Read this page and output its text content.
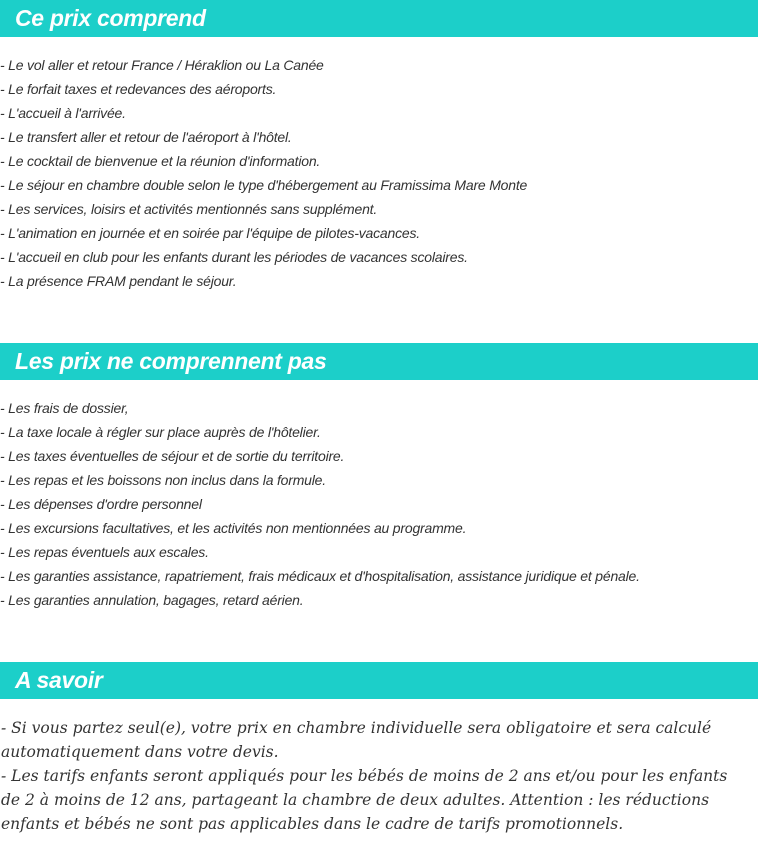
Ce prix comprend
- Le vol aller et retour France / Héraklion ou La Canée
- Le forfait taxes et redevances des aéroports.
- L'accueil à l'arrivée.
- Le transfert aller et retour de l'aéroport à l'hôtel.
- Le cocktail de bienvenue et la réunion d'information.
- Le séjour en chambre double selon le type d'hébergement au Framissima Mare Monte
- Les services, loisirs et activités mentionnés sans supplément.
- L'animation en journée et en soirée par l'équipe de pilotes-vacances.
- L'accueil en club pour les enfants durant les périodes de vacances scolaires.
- La présence FRAM pendant le séjour.
Les prix ne comprennent pas
- Les frais de dossier,
- La taxe locale à régler sur place auprès de l'hôtelier.
- Les taxes éventuelles de séjour et de sortie du territoire.
- Les repas et les boissons non inclus dans la formule.
- Les dépenses d'ordre personnel
- Les excursions facultatives, et les activités non mentionnées au programme.
- Les repas éventuels aux escales.
- Les garanties assistance, rapatriement, frais médicaux et d'hospitalisation, assistance juridique et pénale.
- Les garanties annulation, bagages, retard aérien.
A savoir

- Si vous partez seul(e), votre prix en chambre individuelle sera obligatoire et sera calculé automatiquement dans votre devis.

- Les tarifs enfants seront appliqués pour les bébés de moins de 2 ans et/ou pour les enfants de 2 à moins de 12 ans, partageant la chambre de deux adultes. Attention : les réductions enfants et bébés ne sont pas applicables dans le cadre de tarifs promotionnels.
